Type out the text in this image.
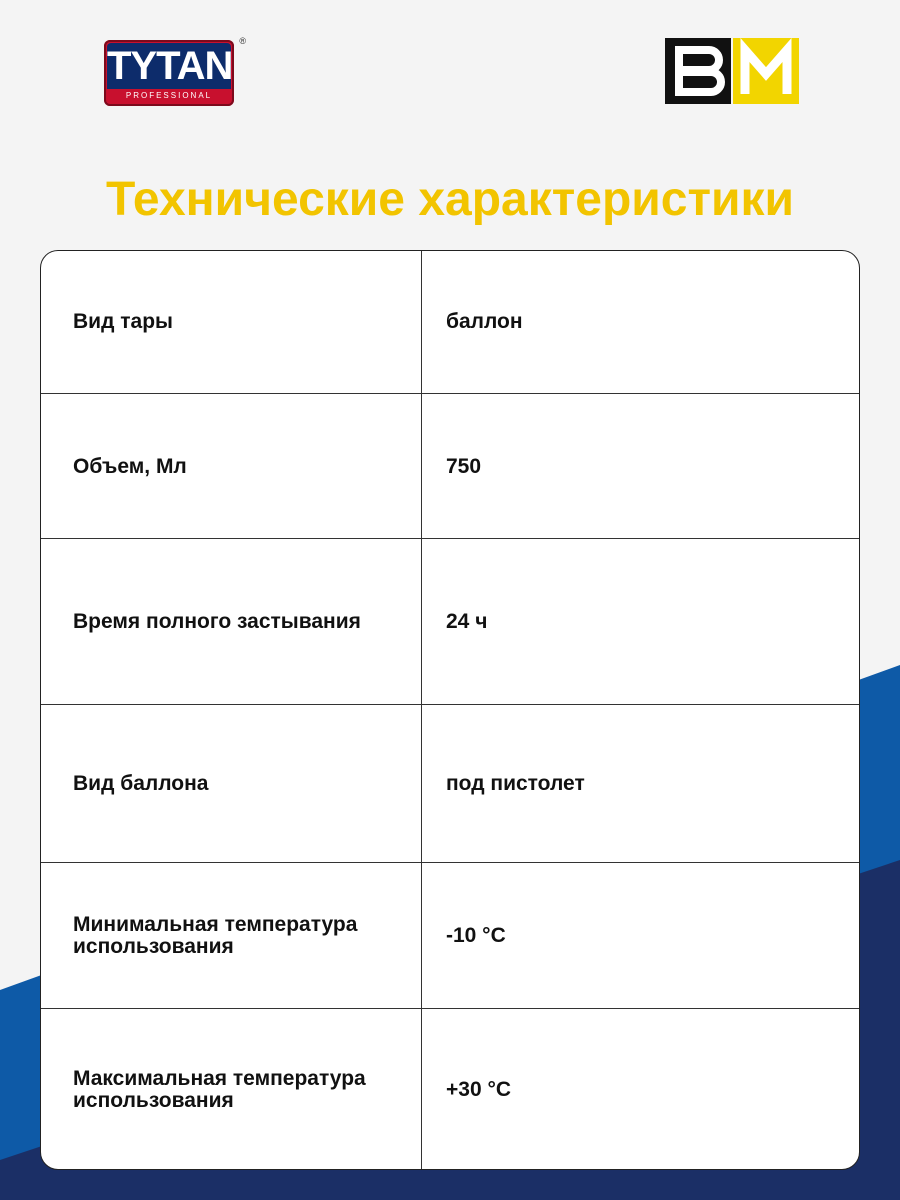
TYTAN
PROFESSIONAL
®
Технические характеристики
Вид тары	баллон
Объем, Мл	750
Время полного застывания	24 ч
Вид баллона	под пистолет
Минимальная температура использования	-10 °C
Максимальная температура использования	+30 °C
